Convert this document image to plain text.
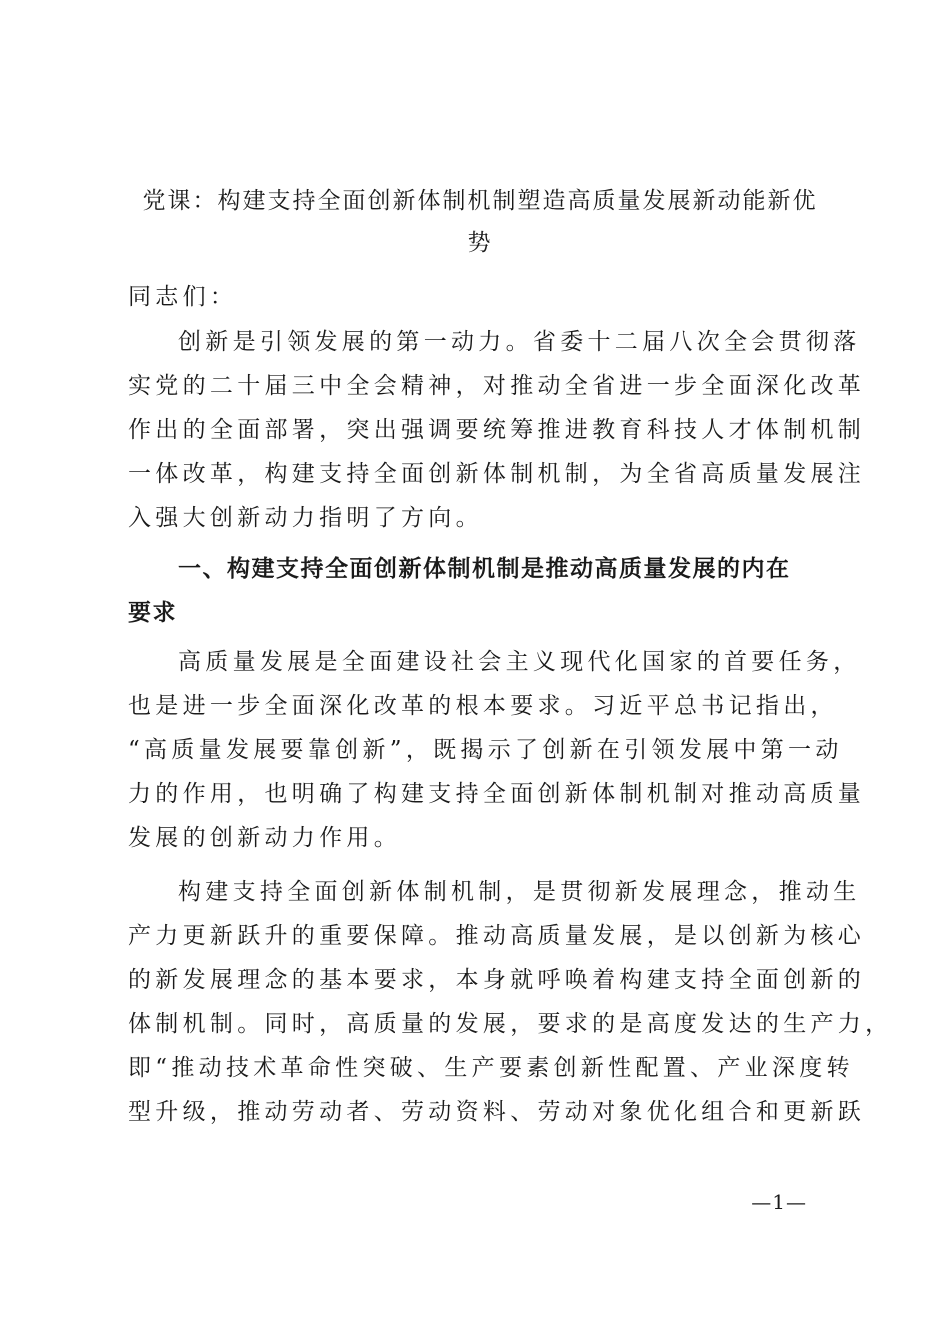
党课：构建支持全面创新体制机制塑造高质量发展新动能新优
势
同志们：
创新是引领发展的第一动力。省委十二届八次全会贯彻落
实党的二十届三中全会精神，对推动全省进一步全面深化改革
作出的全面部署，突出强调要统筹推进教育科技人才体制机制
一体改革，构建支持全面创新体制机制，为全省高质量发展注
入强大创新动力指明了方向。
一、构建支持全面创新体制机制是推动高质量发展的内在
要求
高质量发展是全面建设社会主义现代化国家的首要任务，
也是进一步全面深化改革的根本要求。习近平总书记指出，
“高质量发展要靠创新”，既揭示了创新在引领发展中第一动
力的作用，也明确了构建支持全面创新体制机制对推动高质量
发展的创新动力作用。
构建支持全面创新体制机制，是贯彻新发展理念，推动生
产力更新跃升的重要保障。推动高质量发展，是以创新为核心
的新发展理念的基本要求，本身就呼唤着构建支持全面创新的
体制机制。同时，高质量的发展，要求的是高度发达的生产力，
即“推动技术革命性突破、生产要素创新性配置、产业深度转
型升级，推动劳动者、劳动资料、劳动对象优化组合和更新跃
—1—
